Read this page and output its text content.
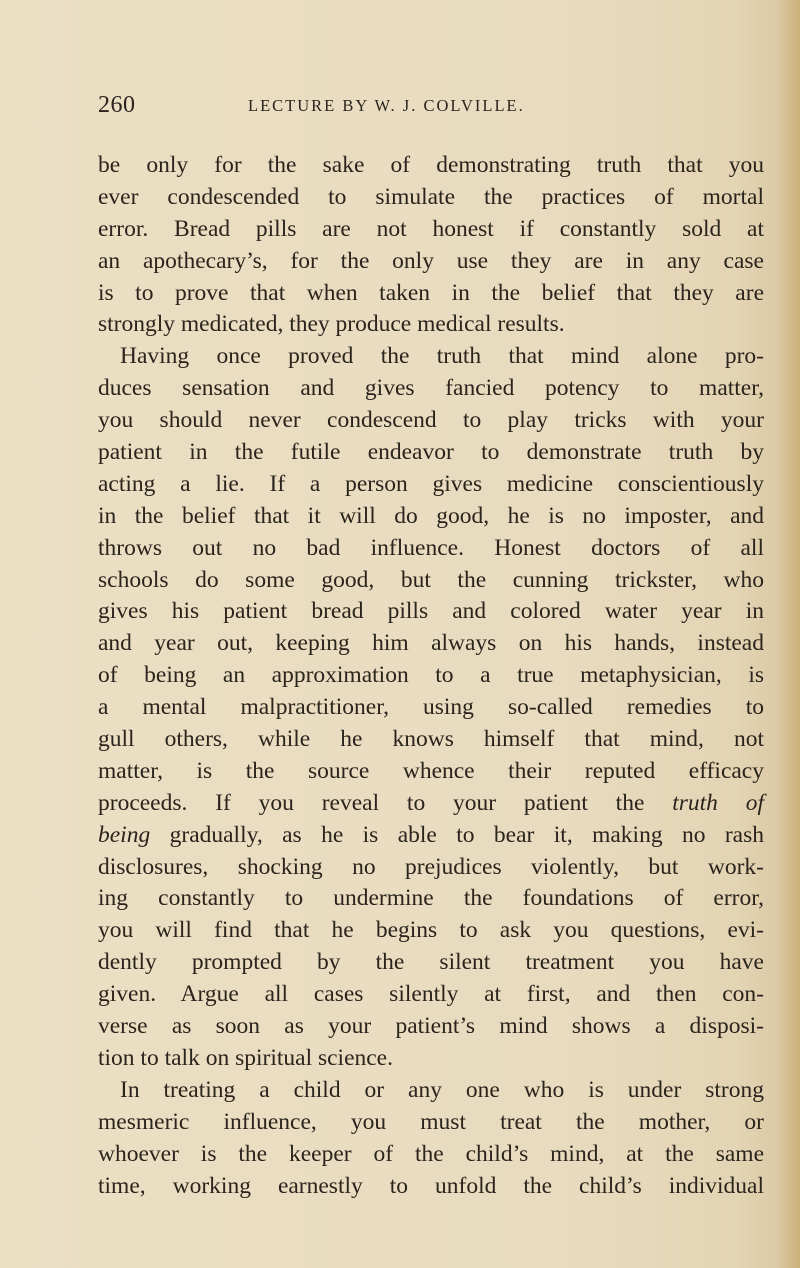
260	LECTURE BY W. J. COLVILLE.
be only for the sake of demonstrating truth that you
ever condescended to simulate the practices of mortal
error. Bread pills are not honest if constantly sold at
an apothecary’s, for the only use they are in any case
is to prove that when taken in the belief that they are
strongly medicated, they produce medical results.
Having once proved the truth that mind alone pro-
duces sensation and gives fancied potency to matter,
you should never condescend to play tricks with your
patient in the futile endeavor to demonstrate truth by
acting a lie. If a person gives medicine conscientiously
in the belief that it will do good, he is no imposter, and
throws out no bad influence. Honest doctors of all
schools do some good, but the cunning trickster, who
gives his patient bread pills and colored water year in
and year out, keeping him always on his hands, instead
of being an approximation to a true metaphysician, is
a mental malpractitioner, using so-called remedies to
gull others, while he knows himself that mind, not
matter, is the source whence their reputed efficacy
proceeds. If you reveal to your patient the truth of
being gradually, as he is able to bear it, making no rash
disclosures, shocking no prejudices violently, but work-
ing constantly to undermine the foundations of error,
you will find that he begins to ask you questions, evi-
dently prompted by the silent treatment you have
given. Argue all cases silently at first, and then con-
verse as soon as your patient’s mind shows a disposi-
tion to talk on spiritual science.
In treating a child or any one who is under strong
mesmeric influence, you must treat the mother, or
whoever is the keeper of the child’s mind, at the same
time, working earnestly to unfold the child’s individual
